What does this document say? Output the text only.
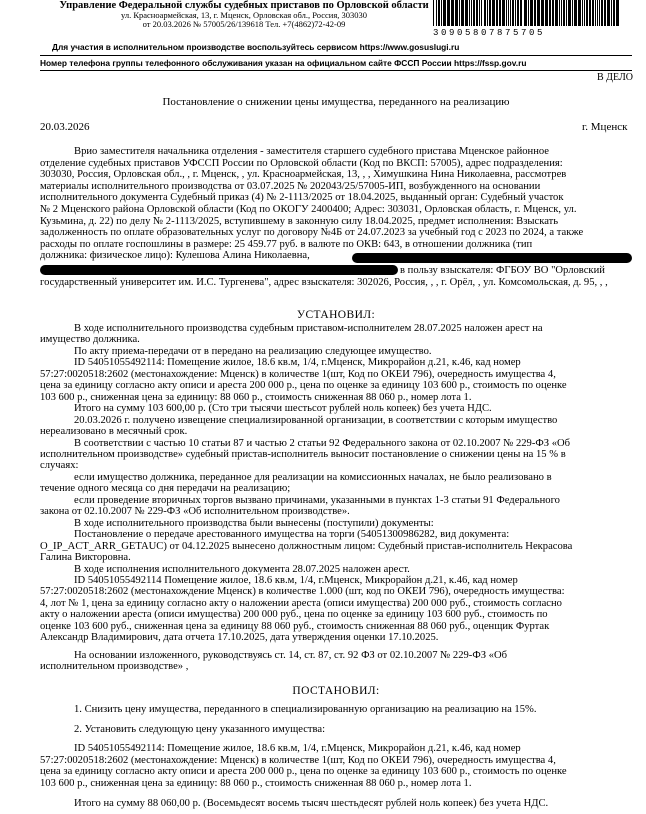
Управление Федеральной службы судебных приставов по Орловской области
ул. Красноармейская, 13, г. Мценск, Орловская обл., Россия, 303030
от 20.03.2026 № 57005/26/139618 Тел. +7(4862)72-42-09
30905807875705
Для участия в исполнительном производстве воспользуйтесь сервисом https://www.gosuslugi.ru
Номер телефона группы телефонного обслуживания указан на официальном сайте ФССП России https://fssp.gov.ru
В ДЕЛО
Постановление о снижении цены имущества, переданного на реализацию
20.03.2026	г. Мценск
Врио заместителя начальника отделения - заместителя старшего судебного пристава Мценское районное
отделение судебных приставов УФССП России по Орловской области (Код по ВКСП: 57005), адрес подразделения:
303030, Россия, Орловская обл., , г. Мценск, , ул. Красноармейская, 13, , , Химушкина Нина Николаевна, рассмотрев
материалы исполнительного производства от 03.07.2025 № 202043/25/57005-ИП, возбужденного на основании
исполнительного документа Судебный приказ (4) № 2-1113/2025 от 18.04.2025, выданный орган: Судебный участок
№ 2 Мценского района Орловской области (Код по ОКОГУ 2400400; Адрес: 303031, Орловская область, г. Мценск, ул.
Кузьмина, д. 22) по делу № 2-1113/2025, вступившему в законную силу 18.04.2025, предмет исполнения: Взыскать
задолженность по оплате образовательных услуг по договору №4Б от 24.07.2023 за учебный год с 2023 по 2024, а также
расходы по оплате госпошлины в размере: 25 459.77 руб. в валюте по ОКВ: 643, в отношении должника (тип
должника: физическое лицо): Кулешова Алина Николаевна,
в пользу взыскателя: ФГБОУ ВО "Орловский
государственный университет им. И.С. Тургенева", адрес взыскателя: 302026, Россия, , , г. Орёл, , ул. Комсомольская, д. 95, , ,
УСТАНОВИЛ:
В ходе исполнительного производства судебным приставом-исполнителем 28.07.2025 наложен арест на
имущество должника.
По акту приема-передачи от в передано на реализацию следующее имущество.
ID 54051055492114: Помещение жилое, 18.6 кв.м, 1/4, г.Мценск, Микрорайон д.21, к.46, кад номер
57:27:0020518:2602 (местонахождение: Мценск) в количестве 1(шт, Код по ОКЕИ 796), очередность имущества 4,
цена за единицу согласно акту описи и ареста 200 000 р., цена по оценке за единицу 103 600 р., стоимость по оценке
103 600 р., сниженная цена за единицу: 88 060 р., стоимость сниженная 88 060 р., номер лота 1.
Итого на сумму 103 600,00 р. (Сто три тысячи шестьсот рублей ноль копеек) без учета НДС.
20.03.2026 г. получено извещение специализированной организации, в соответствии с которым имущество
нереализовано в месячный срок.
В соответствии с частью 10 статьи 87 и частью 2 статьи 92 Федерального закона от 02.10.2007 № 229-ФЗ «Об
исполнительном производстве» судебный пристав-исполнитель выносит постановление о снижении цены на 15 % в
случаях:
если имущество должника, переданное для реализации на комиссионных началах, не было реализовано в
течение одного месяца со дня передачи на реализацию;
если проведение вторичных торгов вызвано причинами, указанными в пунктах 1-3 статьи 91 Федерального
закона от 02.10.2007 № 229-ФЗ «Об исполнительном производстве».
В ходе исполнительного производства были вынесены (поступили) документы:
Постановление о передаче арестованного имущества на торги (54051300986282, вид документа:
O_IP_ACT_ARR_GETAUC) от 04.12.2025 вынесено должностным лицом: Судебный пристав-исполнитель Некрасова
Галина Викторовна.
В ходе исполнения исполнительного документа 28.07.2025 наложен арест.
ID 54051055492114 Помещение жилое, 18.6 кв.м, 1/4, г.Мценск, Микрорайон д.21, к.46, кад номер
57:27:0020518:2602 (местонахождение Мценск) в количестве 1.000 (шт, код по ОКЕИ 796), очередность имущества:
4, лот № 1, цена за единицу согласно акту о наложении ареста (описи имущества) 200 000 руб., стоимость согласно
акту о наложении ареста (описи имущества) 200 000 руб., цена по оценке за единицу 103 600 руб., стоимость по
оценке 103 600 руб., сниженная цена за единицу 88 060 руб., стоимость сниженная 88 060 руб., оценщик Фуртак
Александр Владимирович, дата отчета 17.10.2025, дата утверждения оценки 17.10.2025.
На основании изложенного, руководствуясь ст. 14, ст. 87, ст. 92 ФЗ от 02.10.2007 № 229-ФЗ «Об
исполнительном производстве» ,
ПОСТАНОВИЛ:
1. Снизить цену имущества, переданного в специализированную организацию на реализацию на 15%.
2. Установить следующую цену указанного имущества:
ID 54051055492114: Помещение жилое, 18.6 кв.м, 1/4, г.Мценск, Микрорайон д.21, к.46, кад номер
57:27:0020518:2602 (местонахождение: Мценск) в количестве 1(шт, Код по ОКЕИ 796), очередность имущества 4,
цена за единицу согласно акту описи и ареста 200 000 р., цена по оценке за единицу 103 600 р., стоимость по оценке
103 600 р., сниженная цена за единицу: 88 060 р., стоимость сниженная 88 060 р., номер лота 1.
Итого на сумму 88 060,00 р. (Восемьдесят восемь тысяч шестьдесят рублей ноль копеек) без учета НДС.
